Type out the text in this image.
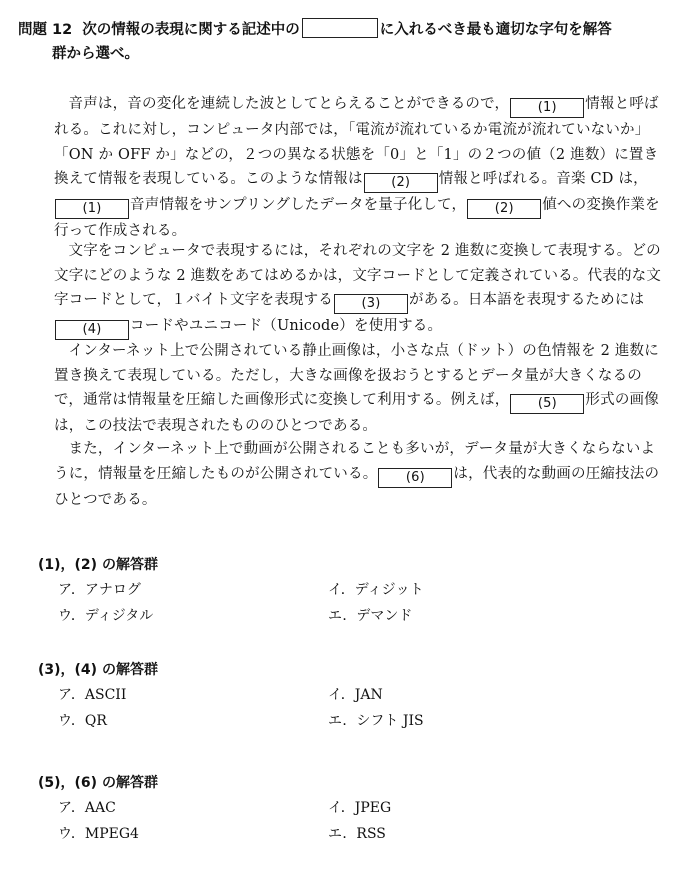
問題 12 次の情報の表現に関する記述中の	に入れるべき最も適切な字句を解答
群から選べ。

音声は，音の変化を連続した波としてとらえることができるので， (1) 情報と呼ばれる。これに対し，コンピュータ内部では，「電流が流れているか電流が流れていないか」「ON か OFF か」などの，２つの異なる状態を「0」と「1」の２つの値（2 進数）に置き換えて情報を表現している。このような情報は (2) 情報と呼ばれる。音楽 CD は，(1) 音声情報をサンプリングしたデータを量子化して， (2) 値への変換作業を行って作成される。

文字をコンピュータで表現するには，それぞれの文字を 2 進数に変換して表現する。どの文字にどのような 2 進数をあてはめるかは，文字コードとして定義されている。代表的な文字コードとして，１バイト文字を表現する (3) がある。日本語を表現するためには(4) コードやユニコード（Unicode）を使用する。

インターネット上で公開されている静止画像は，小さな点（ドット）の色情報を 2 進数に置き換えて表現している。ただし，大きな画像を扱おうとするとデータ量が大きくなるので，通常は情報量を圧縮した画像形式に変換して利用する。例えば， (5) 形式の画像は，この技法で表現されたもののひとつである。

また，インターネット上で動画が公開されることも多いが，データ量が大きくならないように，情報量を圧縮したものが公開されている。 (6) は，代表的な動画の圧縮技法のひとつである。

(1)，(2) の解答群
ア．アナログ	イ．ディジット
ウ．ディジタル	エ．デマンド
(3)，(4) の解答群
ア．ASCII	イ．JAN
ウ．QR	エ．シフト JIS
(5)，(6) の解答群
ア．AAC	イ．JPEG
ウ．MPEG4	エ．RSS
